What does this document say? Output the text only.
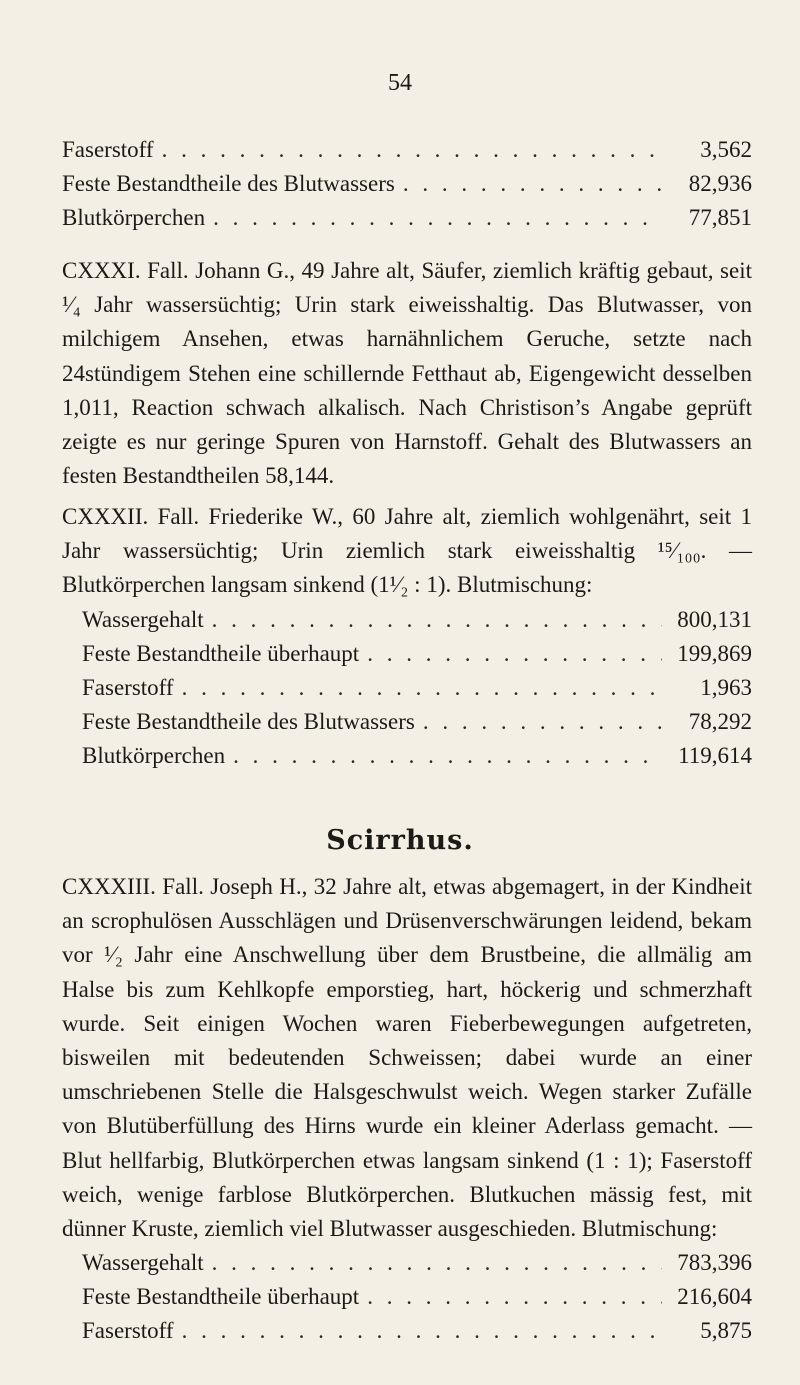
54
Faserstoff . . .	3,562
Feste Bestandtheile des Blutwassers . . .	82,936
Blutkörperchen . . .	77,851

CXXXI. Fall. Johann G., 49 Jahre alt, Säufer, ziemlich kräftig gebaut, seit ¹⁄₄ Jahr wassersüchtig; Urin stark eiweisshaltig. Das Blutwasser, von milchigem Ansehen, etwas harnähnlichem Geruche, setzte nach 24stündigem Stehen eine schillernde Fetthaut ab, Eigengewicht desselben 1,011, Reaction schwach alkalisch. Nach Christison’s Angabe geprüft zeigte es nur geringe Spuren von Harnstoff. Gehalt des Blutwassers an festen Bestandtheilen 58,144.

CXXXII. Fall. Friederike W., 60 Jahre alt, ziemlich wohlgenährt, seit 1 Jahr wassersüchtig; Urin ziemlich stark eiweisshaltig ¹⁵⁄₁₀₀. — Blutkörperchen langsam sinkend (1¹⁄₂ : 1). Blutmischung:

Wassergehalt . . .	800,131
Feste Bestandtheile überhaupt . . .	199,869
Faserstoff . . .	1,963
Feste Bestandtheile des Blutwassers . . .	78,292
Blutkörperchen . . .	119,614
Scirrhus.

CXXXIII. Fall. Joseph H., 32 Jahre alt, etwas abgemagert, in der Kindheit an scrophulösen Ausschlägen und Drüsenverschwärungen leidend, bekam vor ¹⁄₂ Jahr eine Anschwellung über dem Brustbeine, die allmälig am Halse bis zum Kehlkopfe emporstieg, hart, höckerig und schmerzhaft wurde. Seit einigen Wochen waren Fieberbewegungen aufgetreten, bisweilen mit bedeutenden Schweissen; dabei wurde an einer umschriebenen Stelle die Halsgeschwulst weich. Wegen starker Zufälle von Blutüberfüllung des Hirns wurde ein kleiner Aderlass gemacht. — Blut hellfarbig, Blutkörperchen etwas langsam sinkend (1 : 1); Faserstoff weich, wenige farblose Blutkörperchen. Blutkuchen mässig fest, mit dünner Kruste, ziemlich viel Blutwasser ausgeschieden. Blutmischung:

Wassergehalt . . .	783,396
Feste Bestandtheile überhaupt . . .	216,604
Faserstoff . . .	5,875
